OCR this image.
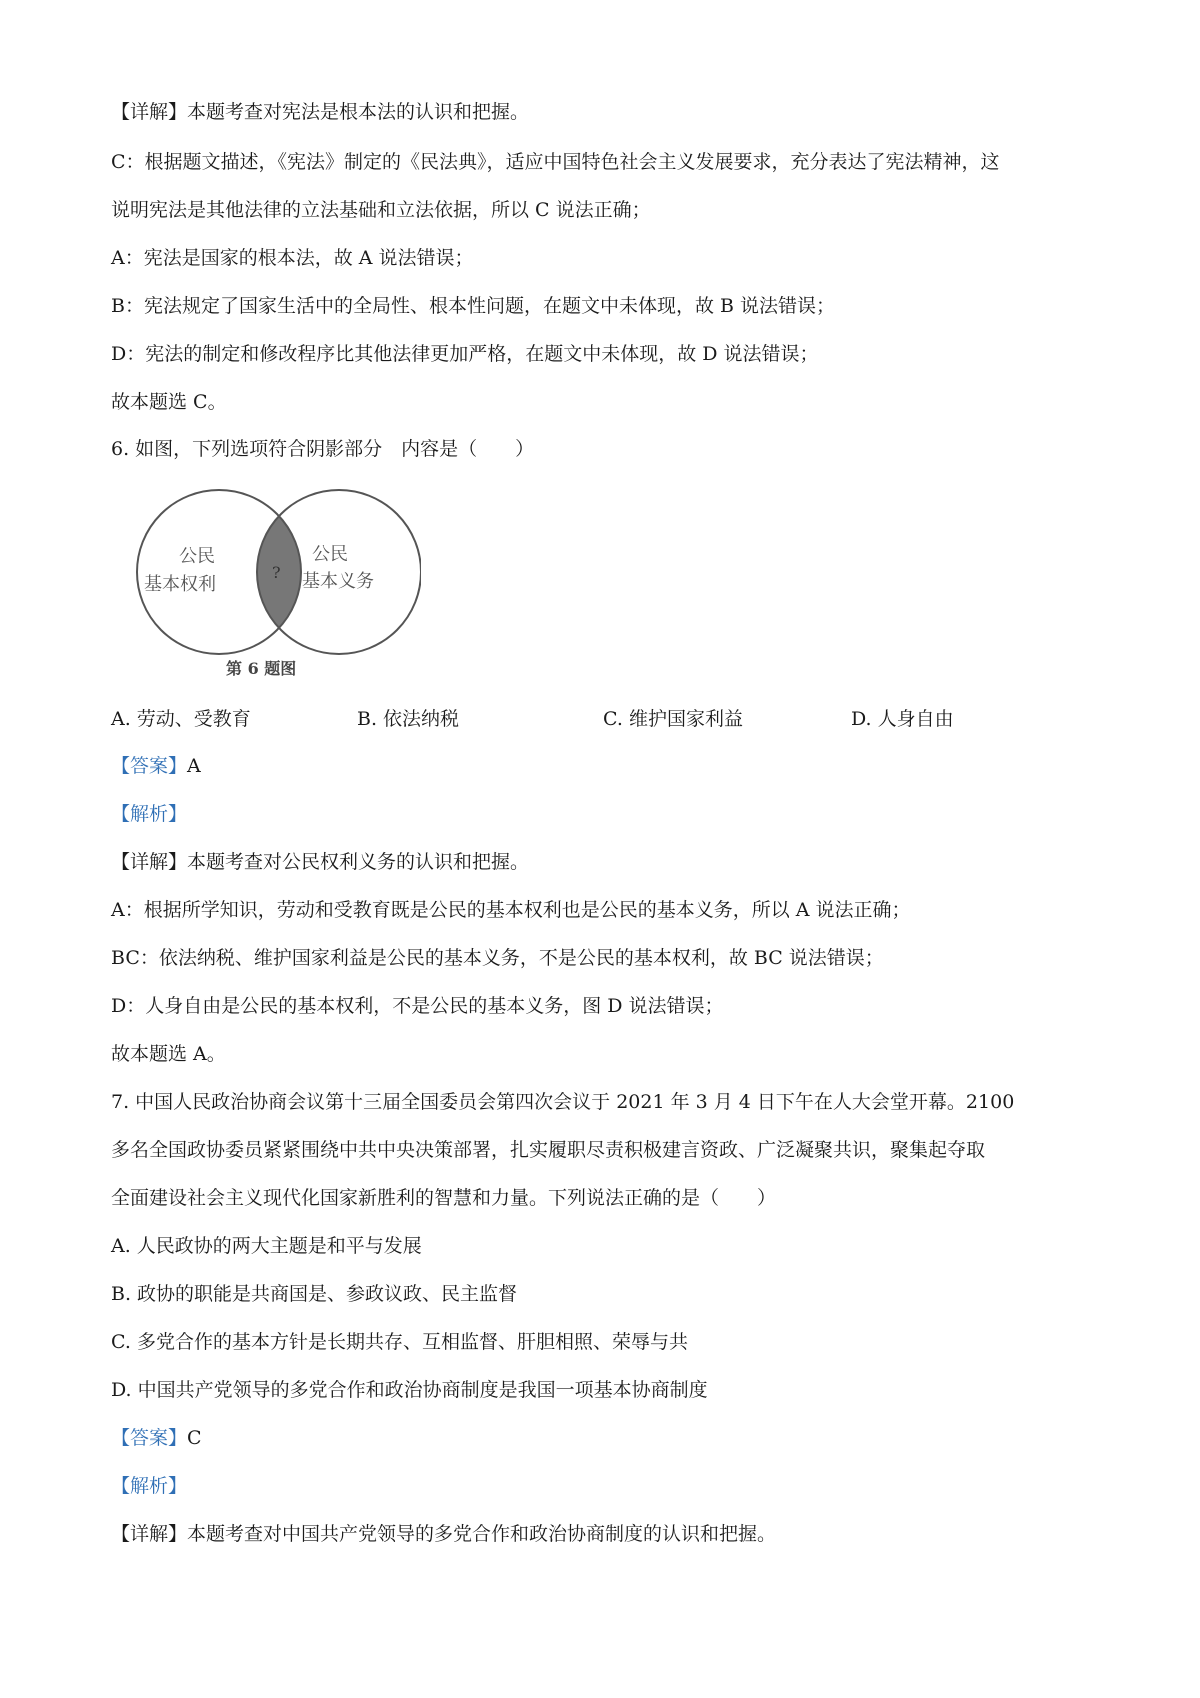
【详解】本题考查对宪法是根本法的认识和把握。
C：根据题文描述，《宪法》制定的《民法典》，适应中国特色社会主义发展要求，充分表达了宪法精神，这
说明宪法是其他法律的立法基础和立法依据，所以 C 说法正确；
A：宪法是国家的根本法，故 A 说法错误；
B：宪法规定了国家生活中的全局性、根本性问题，在题文中未体现，故 B 说法错误；
D：宪法的制定和修改程序比其他法律更加严格，在题文中未体现，故 D 说法错误；
故本题选 C。
6. 如图，下列选项符合阴影部分　内容是（　　）
公民
基本权利
公民
基本义务
?
第 6 题图
A. 劳动、受教育	B. 依法纳税	C. 维护国家利益	D. 人身自由
【答案】A
【解析】
【详解】本题考查对公民权利义务的认识和把握。
A：根据所学知识，劳动和受教育既是公民的基本权利也是公民的基本义务，所以 A 说法正确；
BC：依法纳税、维护国家利益是公民的基本义务，不是公民的基本权利，故 BC 说法错误；
D：人身自由是公民的基本权利，不是公民的基本义务，图 D 说法错误；
故本题选 A。
7. 中国人民政治协商会议第十三届全国委员会第四次会议于 2021 年 3 月 4 日下午在人大会堂开幕。2100
多名全国政协委员紧紧围绕中共中央决策部署，扎实履职尽责积极建言资政、广泛凝聚共识，聚集起夺取
全面建设社会主义现代化国家新胜利的智慧和力量。下列说法正确的是（　　）
A. 人民政协的两大主题是和平与发展
B. 政协的职能是共商国是、参政议政、民主监督
C. 多党合作的基本方针是长期共存、互相监督、肝胆相照、荣辱与共
D. 中国共产党领导的多党合作和政治协商制度是我国一项基本协商制度
【答案】C
【解析】
【详解】本题考查对中国共产党领导的多党合作和政治协商制度的认识和把握。
